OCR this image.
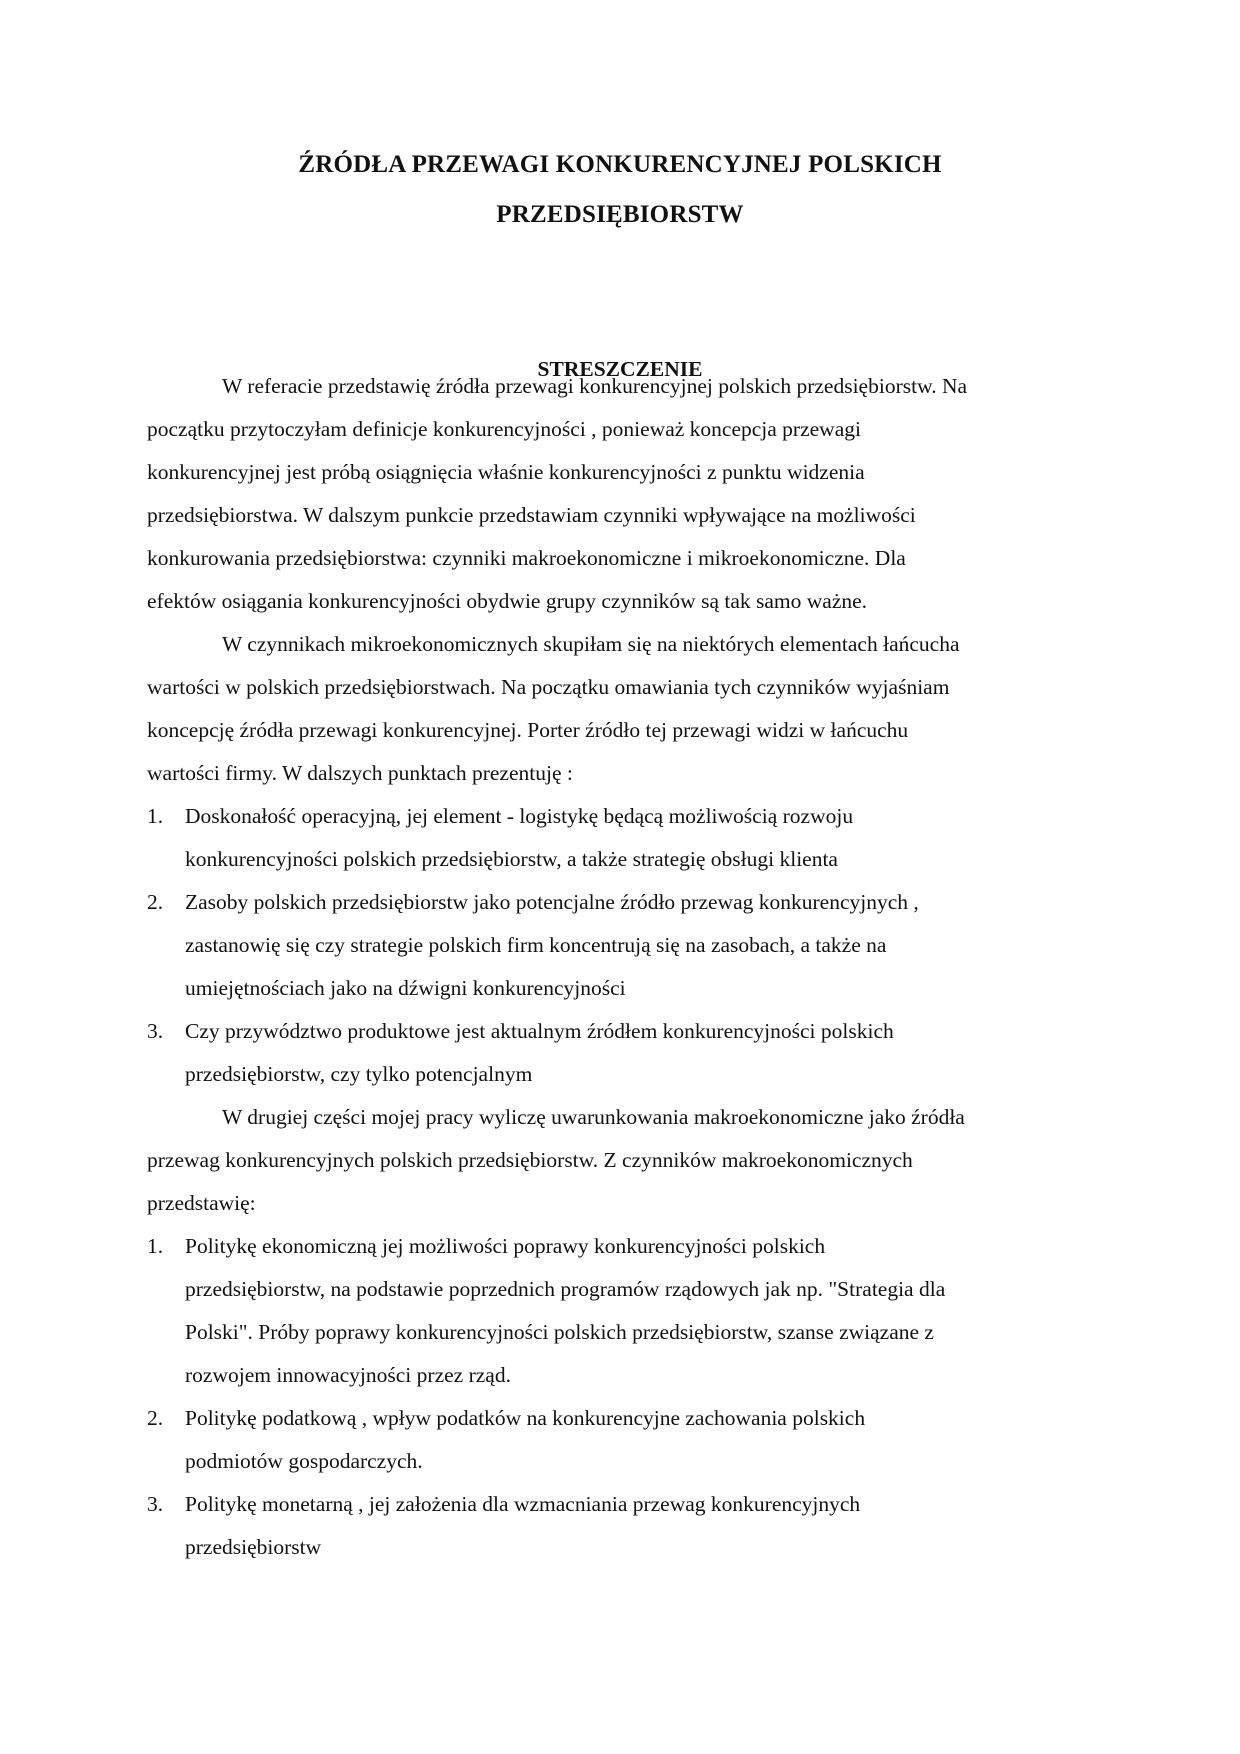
ŹRÓDŁA PRZEWAGI KONKURENCYJNEJ POLSKICH
PRZEDSIĘBIORSTW
STRESZCZENIE

W referacie przedstawię źródła przewagi konkurencyjnej polskich przedsiębiorstw. Na
początku przytoczyłam definicje konkurencyjności , ponieważ koncepcja przewagi
konkurencyjnej jest próbą osiągnięcia właśnie konkurencyjności z punktu widzenia
przedsiębiorstwa. W dalszym punkcie przedstawiam czynniki wpływające na możliwości
konkurowania przedsiębiorstwa: czynniki makroekonomiczne i mikroekonomiczne. Dla
efektów osiągania konkurencyjności obydwie grupy czynników są tak samo ważne.

W czynnikach mikroekonomicznych skupiłam się na niektórych elementach łańcucha
wartości w polskich przedsiębiorstwach. Na początku omawiania tych czynników wyjaśniam
koncepcję źródła przewagi konkurencyjnej. Porter źródło tej przewagi widzi w łańcuchu
wartości firmy. W dalszych punktach prezentuję :

1. Doskonałość operacyjną, jej element - logistykę będącą możliwością rozwoju
konkurencyjności polskich przedsiębiorstw, a także strategię obsługi klienta
2. Zasoby polskich przedsiębiorstw jako potencjalne źródło przewag konkurencyjnych ,
zastanowię się czy strategie polskich firm koncentrują się na zasobach, a także na
umiejętnościach jako na dźwigni konkurencyjności
3. Czy przywództwo produktowe jest aktualnym źródłem konkurencyjności polskich
przedsiębiorstw, czy tylko potencjalnym

W drugiej części mojej pracy wyliczę uwarunkowania makroekonomiczne jako źródła
przewag konkurencyjnych polskich przedsiębiorstw. Z czynników makroekonomicznych
przedstawię:

1. Politykę ekonomiczną jej możliwości poprawy konkurencyjności polskich
przedsiębiorstw, na podstawie poprzednich programów rządowych jak np. "Strategia dla
Polski". Próby poprawy konkurencyjności polskich przedsiębiorstw, szanse związane z
rozwojem innowacyjności przez rząd.
2. Politykę podatkową , wpływ podatków na konkurencyjne zachowania polskich
podmiotów gospodarczych.
3. Politykę monetarną , jej założenia dla wzmacniania przewag konkurencyjnych
przedsiębiorstw
